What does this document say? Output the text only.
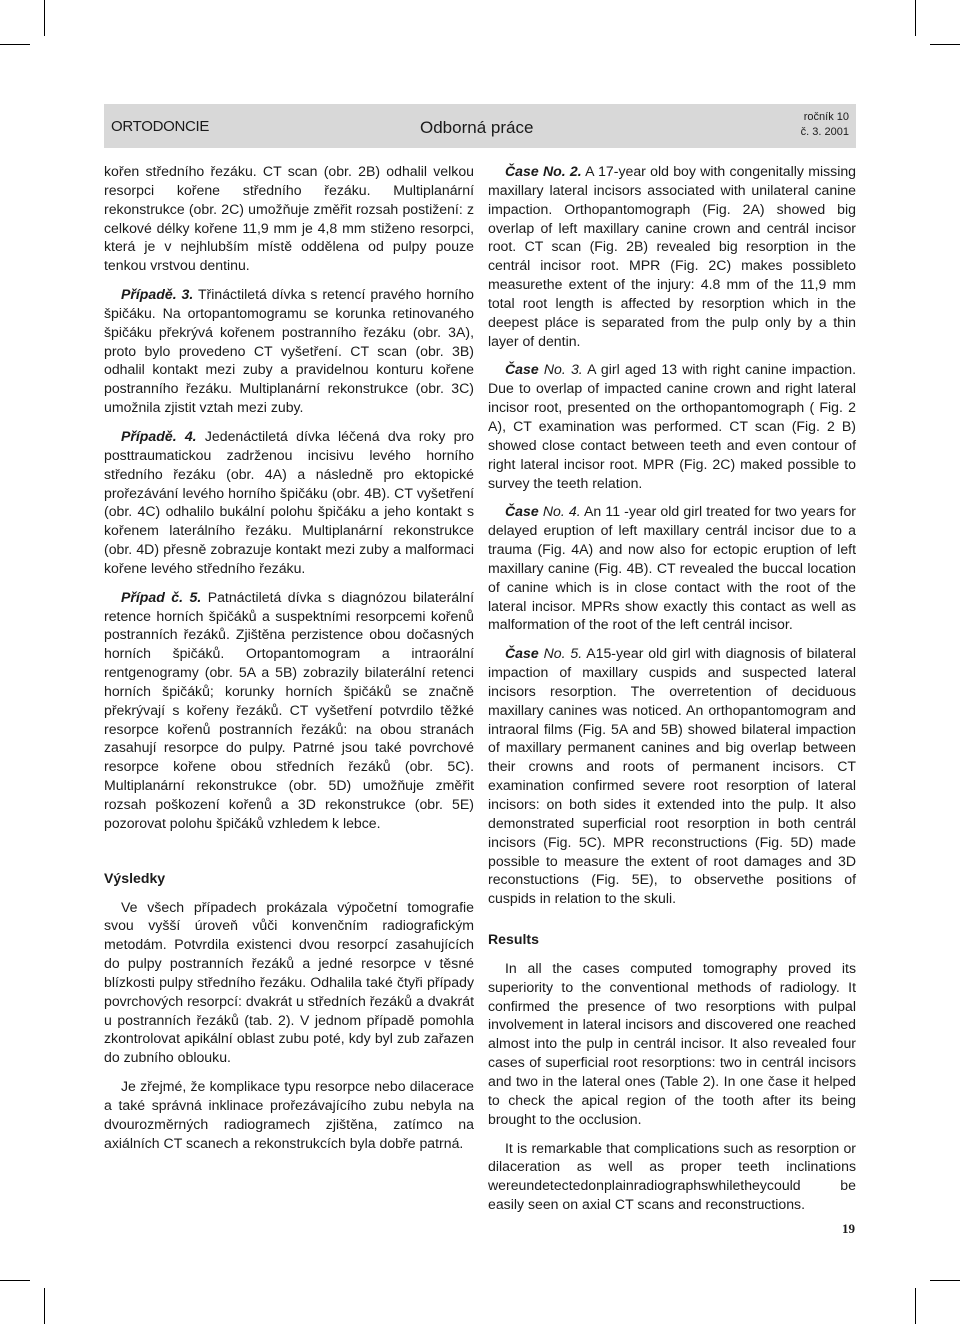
ORTODONCIE	Odborná práce
ročník 10
č. 3. 2001

kořen středního řezáku. CT scan (obr. 2B) odhalil velkou resorpci kořene středního řezáku. Multiplanární rekonstrukce (obr. 2C) umožňuje změřit rozsah postižení: z celkové délky kořene 11,9 mm je 4,8 mm stiženo resorpci, která je v nejhlubším místě oddělena od pulpy pouze tenkou vrstvou dentinu.

Případě. 3. Třináctiletá dívka s retencí pravého horního špičáku. Na ortopantomogramu se korunka retinovaného špičáku překrývá kořenem postranního řezáku (obr. 3A), proto bylo provedeno CT vyšetření. CT scan (obr. 3B) odhalil kontakt mezi zuby a pravidelnou konturu kořene postranního řezáku. Multiplanární rekonstrukce (obr. 3C) umožnila zjistit vztah mezi zuby.

Případě. 4. Jedenáctiletá dívka léčená dva roky pro posttraumatickou zadrženou incisivu levého horního středního řezáku (obr. 4A) a následně pro ektopické prořezávání levého horního špičáku (obr. 4B). CT vyšetření (obr. 4C) odhalilo bukální polohu špičáku a jeho kontakt s kořenem laterálního řezáku. Multiplanární rekonstrukce (obr. 4D) přesně zobrazuje kontakt mezi zuby a malformaci kořene levého středního řezáku.

Případ č. 5. Patnáctiletá dívka s diagnózou bilaterální retence horních špičáků a suspektními resorpcemi kořenů postranních řezáků. Zjištěna perzistence obou dočasných horních špičáků. Ortopantomogram a intraorální rentgenogramy (obr. 5A a 5B) zobrazily bilaterální retenci horních špičáků; korunky horních špičáků se značně překrývají s kořeny řezáků. CT vyšetření potvrdilo těžké resorpce kořenů postranních řezáků: na obou stranách zasahují resorpce do pulpy. Patrné jsou také povrchové resorpce kořene obou středních řezáků (obr. 5C). Multiplanární rekonstrukce (obr. 5D) umožňuje změřit rozsah poškození kořenů a 3D rekonstrukce (obr. 5E) pozorovat polohu špičáků vzhledem k lebce.

Výsledky

Ve všech případech prokázala výpočetní tomografie svou vyšší úroveň vůči konvenčním radiografickým metodám. Potvrdila existenci dvou resorpcí zasahujících do pulpy postranních řezáků a jedné resorpce v těsné blízkosti pulpy středního řezáku. Odhalila také čtyři případy povrchových resorpcí: dvakrát u středních řezáků a dvakrát u postranních řezáků (tab. 2). V jednom případě pomohla zkontrolovat apikální oblast zubu poté, kdy byl zub zařazen do zubního oblouku.

Je zřejmé, že komplikace typu resorpce nebo dilacerace a také správná inklinace prořezávajícího zubu nebyla na dvourozměrných radiogramech zjištěna, zatímco na axiálních CT scanech a rekonstrukcích byla dobře patrná.

Čase No. 2. A 17-year old boy with congenitally missing maxillary lateral incisors associated with unilateral canine impaction. Orthopantomograph (Fig. 2A) showed big overlap of left maxillary canine crown and centrál incisor root. CT scan (Fig. 2B) revealed big resorption in the centrál incisor root. MPR (Fig. 2C) makes possibleto measurethe extent of the injury: 4.8 mm of the 11,9 mm total root length is affected by resorption which in the deepest pláce is separated from the pulp only by a thin layer of dentin.

Čase No. 3. A girl aged 13 with right canine impaction. Due to overlap of impacted canine crown and right lateral incisor root, presented on the orthopantomograph ( Fig. 2 A), CT examination was performed. CT scan (Fig. 2 B) showed close contact between teeth and even contour of right lateral incisor root. MPR (Fig. 2C) maked possible to survey the teeth relation.

Čase No. 4. An 11 -year old girl treated for two years for delayed eruption of left maxillary centrál incisor due to a trauma (Fig. 4A) and now also for ectopic eruption of left maxillary canine (Fig. 4B). CT revealed the buccal location of canine which is in close contact with the root of the lateral incisor. MPRs show exactly this contact as well as malformation of the root of the left centrál incisor.

Čase No. 5. A15-year old girl with diagnosis of bilateral impaction of maxillary cuspids and suspected lateral incisors resorption. The overretention of deciduous maxillary canines was noticed. An orthopantomogram and intraoral films (Fig. 5A and 5B) showed bilateral impaction of maxillary permanent canines and big overlap between their crowns and roots of permanent incisors. CT examination confirmed severe root resorption of lateral incisors: on both sides it extended into the pulp. It also demonstrated superficial root resorption in both centrál incisors (Fig. 5C). MPR reconstructions (Fig. 5D) made possible to measure the extent of root damages and 3D reconstuctions (Fig. 5E), to observethe positions of cuspids in relation to the skuli.

Results

In all the cases computed tomography proved its superiority to the conventional methods of radiology. It confirmed the presence of two resorptions with pulpal involvement in lateral incisors and discovered one reached almost into the pulp in centrál incisor. It also revealed four cases of superficial root resorptions: two in centrál incisors and two in the lateral ones (Table 2). In one čase it helped to check the apical region of the tooth after its being brought to the occlusion.

It is remarkable that complications such as resorption or dilaceration as well as proper teeth inclinations wereundetectedonplainradiographswhiletheycould be easily seen on axial CT scans and reconstructions.

19
